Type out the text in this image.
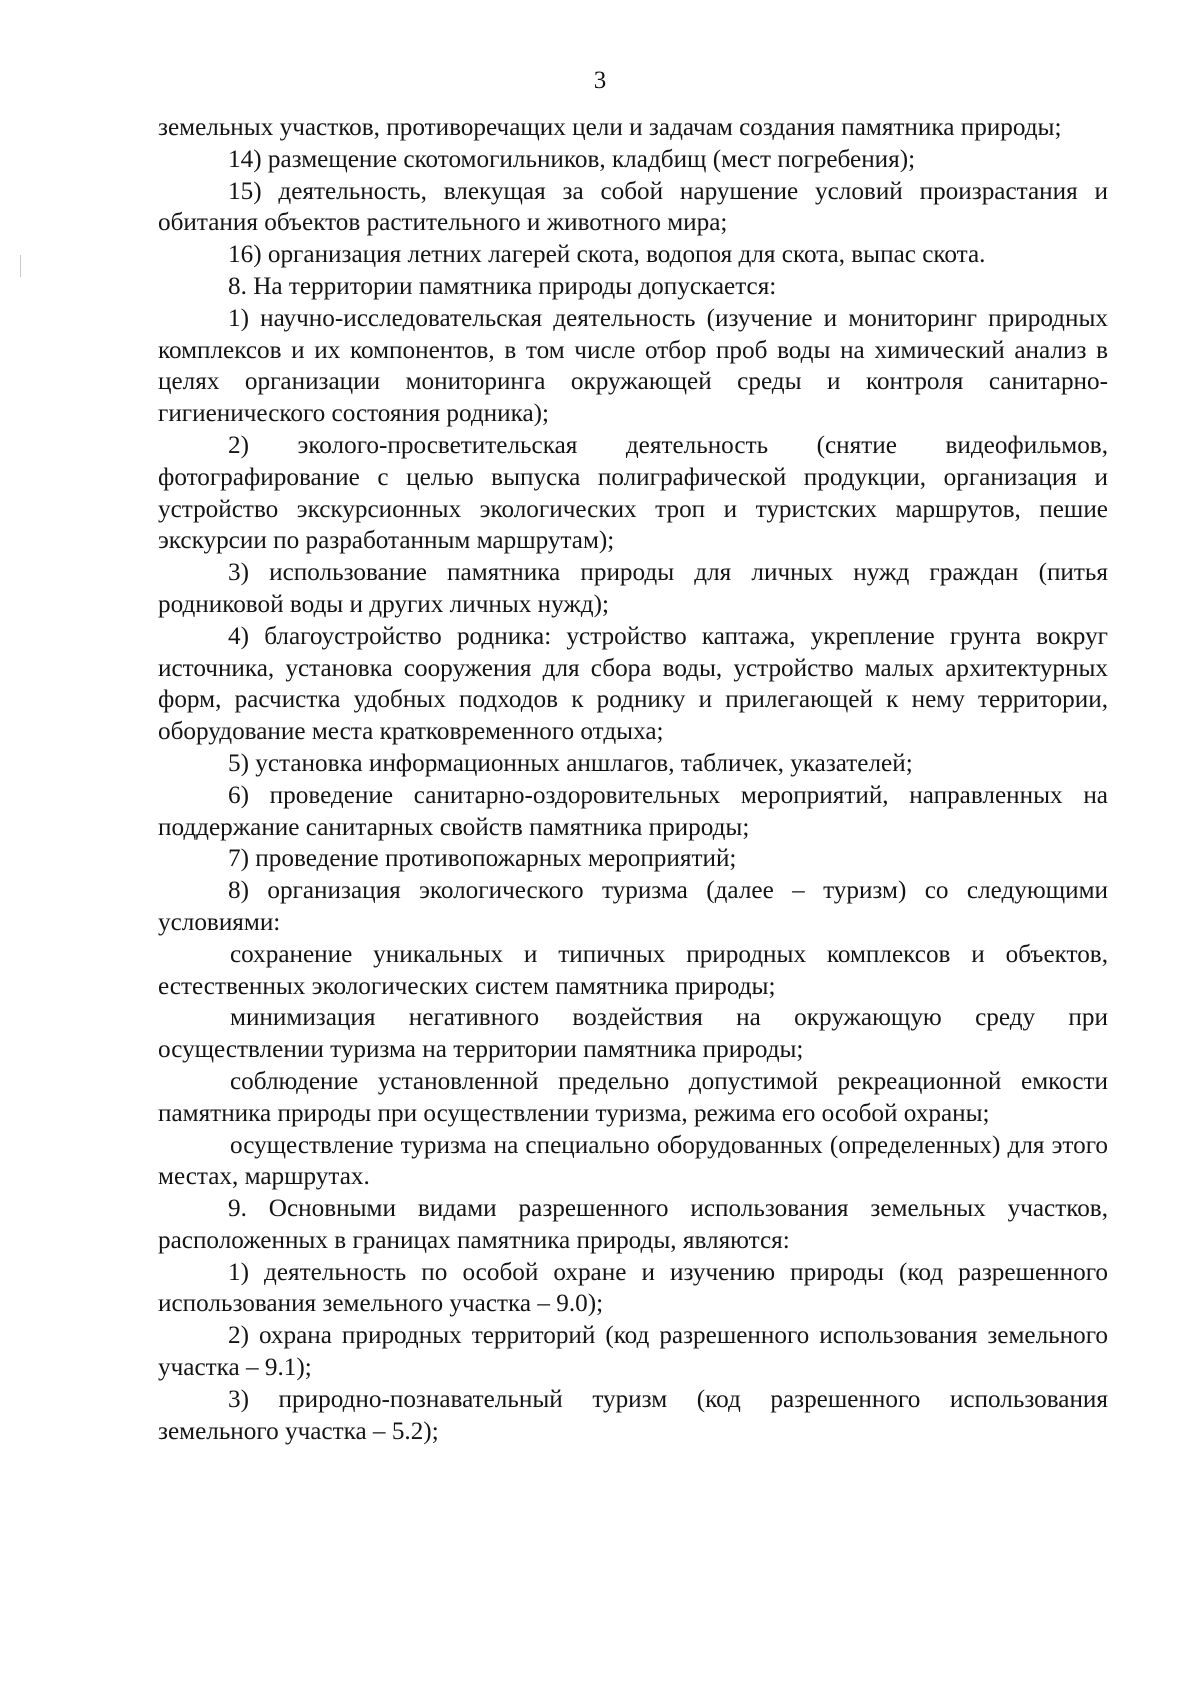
3

земельных участков, противоречащих цели и задачам создания памятника природы;

14) размещение скотомогильников, кладбищ (мест погребения);

15) деятельность, влекущая за собой нарушение условий произрастания и обитания объектов растительного и животного мира;

16) организация летних лагерей скота, водопоя для скота, выпас скота.

8. На территории памятника природы допускается:

1) научно-исследовательская деятельность (изучение и мониторинг природных комплексов и их компонентов, в том числе отбор проб воды на химический анализ в целях организации мониторинга окружающей среды и контроля санитарно-гигиенического состояния родника);

2) эколого-просветительская деятельность (снятие видеофильмов, фотографирование с целью выпуска полиграфической продукции, организация и устройство экскурсионных экологических троп и туристских маршрутов, пешие экскурсии по разработанным маршрутам);

3) использование памятника природы для личных нужд граждан (питья родниковой воды и других личных нужд);

4) благоустройство родника: устройство каптажа, укрепление грунта вокруг источника, установка сооружения для сбора воды, устройство малых архитектурных форм, расчистка удобных подходов к роднику и прилегающей к нему территории, оборудование места кратковременного отдыха;

5) установка информационных аншлагов, табличек, указателей;

6) проведение санитарно-оздоровительных мероприятий, направленных на поддержание санитарных свойств памятника природы;

7) проведение противопожарных мероприятий;

8) организация экологического туризма (далее – туризм) со следующими условиями:

сохранение уникальных и типичных природных комплексов и объектов, естественных экологических систем памятника природы;

минимизация негативного воздействия на окружающую среду при осуществлении туризма на территории памятника природы;

соблюдение установленной предельно допустимой рекреационной емкости памятника природы при осуществлении туризма, режима его особой охраны;

осуществление туризма на специально оборудованных (определенных) для этого местах, маршрутах.

9. Основными видами разрешенного использования земельных участков, расположенных в границах памятника природы, являются:

1) деятельность по особой охране и изучению природы (код разрешенного использования земельного участка – 9.0);

2) охрана природных территорий (код разрешенного использования земельного участка – 9.1);

3) природно-познавательный туризм (код разрешенного использования земельного участка – 5.2);
